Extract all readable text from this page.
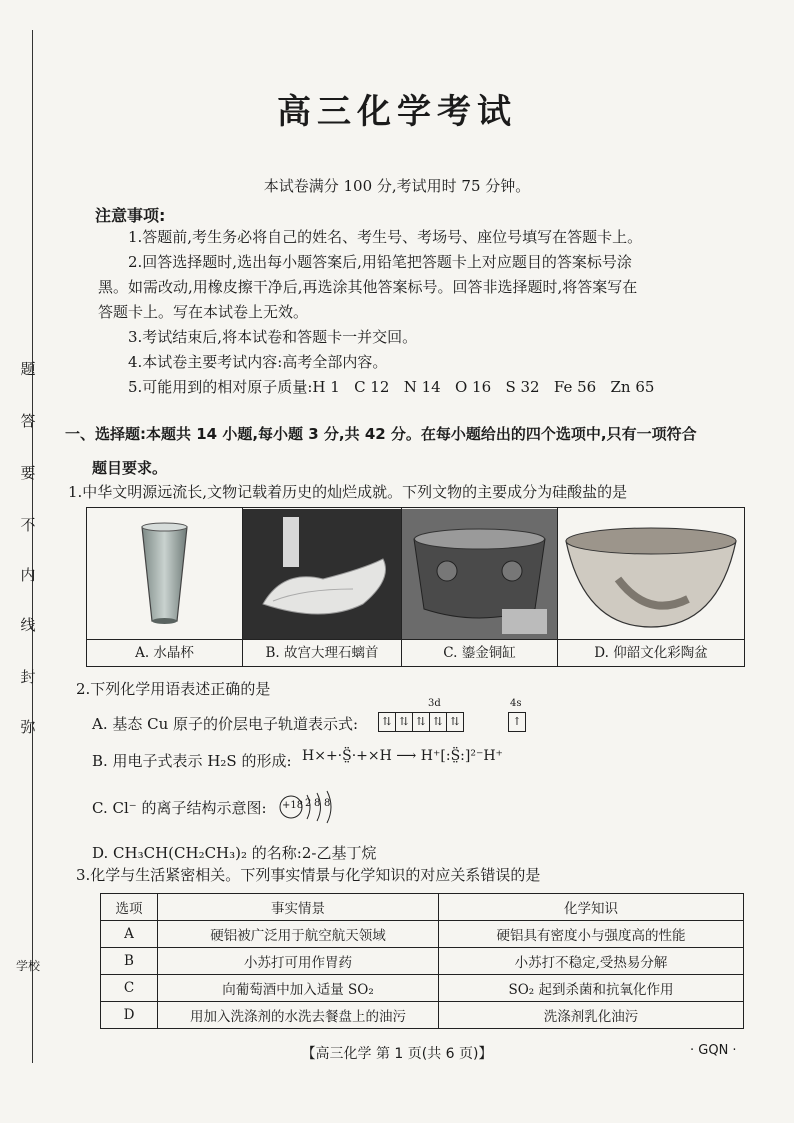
弥
封
线
内
不
要
答
题
学校
高三化学考试
本试卷满分 100 分,考试用时 75 分钟。
注意事项:
1.答题前,考生务必将自己的姓名、考生号、考场号、座位号填写在答题卡上。
2.回答选择题时,选出每小题答案后,用铅笔把答题卡上对应题目的答案标号涂
黑。如需改动,用橡皮擦干净后,再选涂其他答案标号。回答非选择题时,将答案写在
答题卡上。写在本试卷上无效。
3.考试结束后,将本试卷和答题卡一并交回。
4.本试卷主要考试内容:高考全部内容。
5.可能用到的相对原子质量:H 1   C 12   N 14   O 16   S 32   Fe 56   Zn 65
一、选择题:本题共 14 小题,每小题 3 分,共 42 分。在每小题给出的四个选项中,只有一项符合
题目要求。
1.中华文明源远流长,文物记载着历史的灿烂成就。下列文物的主要成分为硅酸盐的是
A. 水晶杯	B. 故宫大理石螭首	C. 鎏金铜缸	D. 仰韶文化彩陶盆
2.下列化学用语表述正确的是
A. 基态 Cu 原子的价层电子轨道表示式:
3d	4s
⇅ ⇅ ⇅ ⇅ ⇅	↑
B. 用电子式表示 H₂S 的形成: H×+·S̤̈·+×H ⟶ H⁺[:S̤̈:]²⁻H⁺
C. Cl⁻ 的离子结构示意图: +18 2 8 8
D. CH₃CH(CH₂CH₃)₂ 的名称:2-乙基丁烷
3.化学与生活紧密相关。下列事实情景与化学知识的对应关系错误的是
选项	事实情景	化学知识
A	硬铝被广泛用于航空航天领域	硬铝具有密度小与强度高的性能
B	小苏打可用作胃药	小苏打不稳定,受热易分解
C	向葡萄酒中加入适量 SO₂	SO₂ 起到杀菌和抗氧化作用
D	用加入洗涤剂的水洗去餐盘上的油污	洗涤剂乳化油污
【高三化学 第 1 页(共 6 页)】	· GQN ·
